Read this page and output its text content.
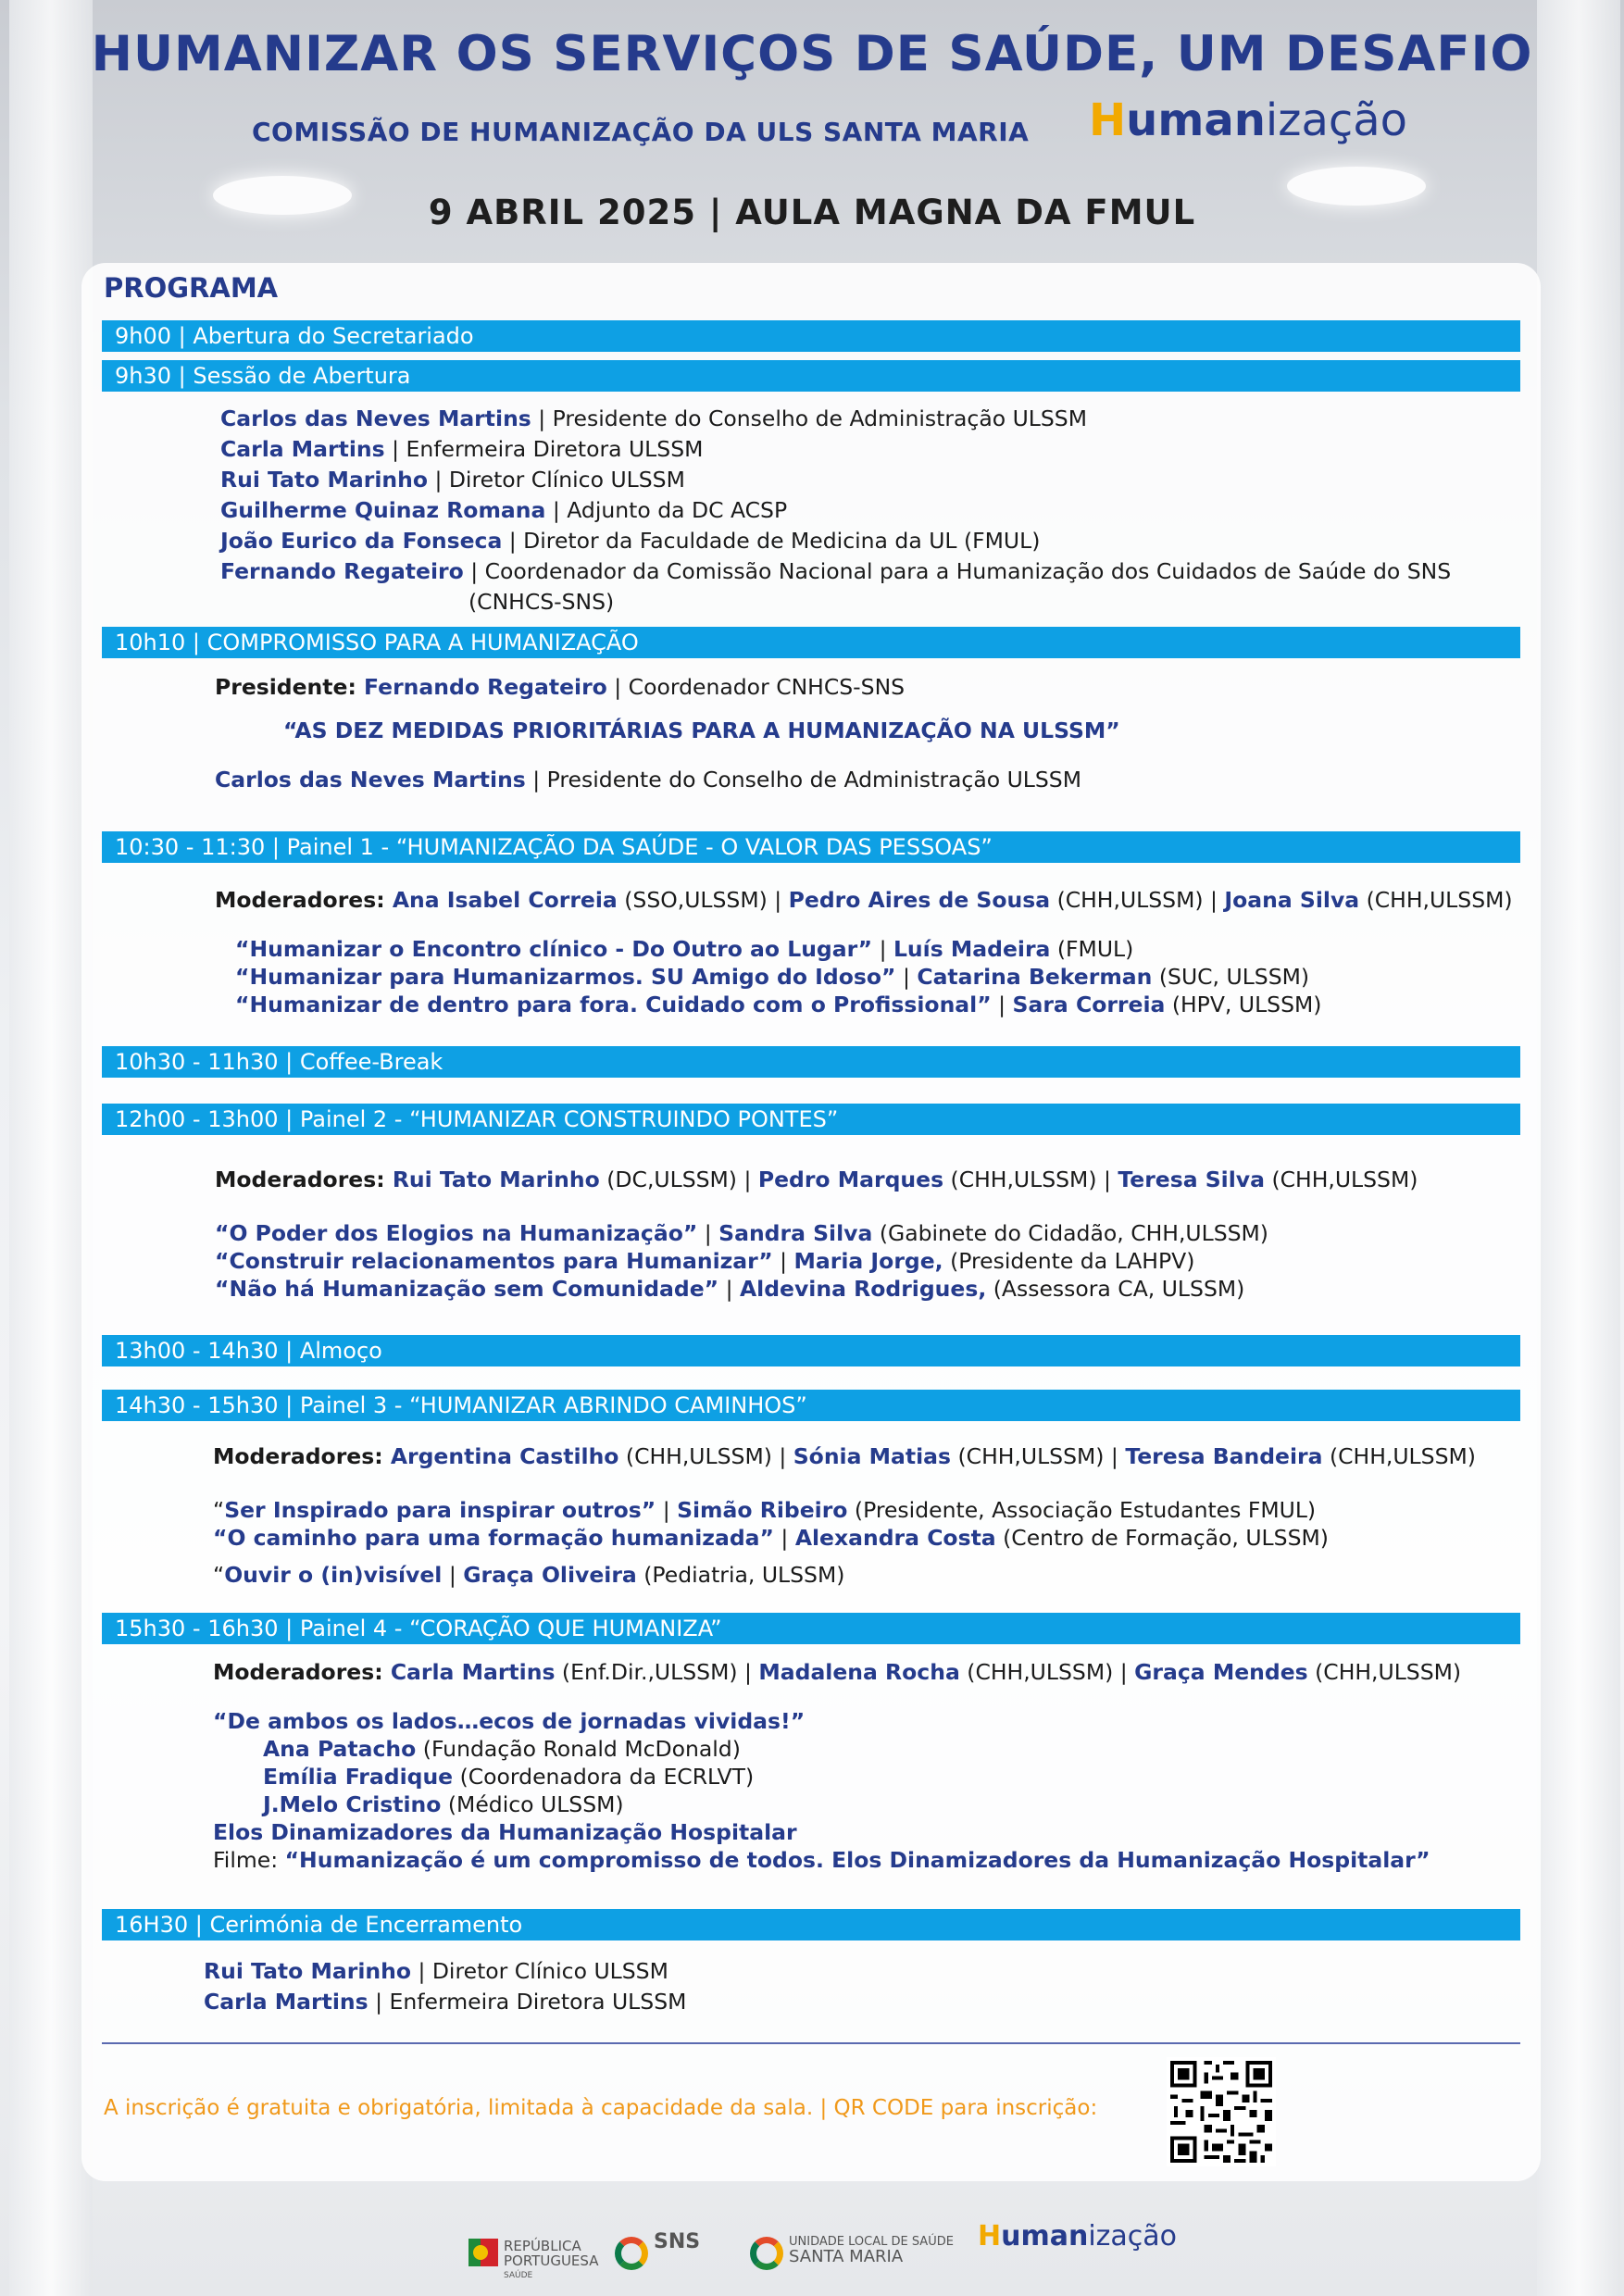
HUMANIZAR OS SERVIÇOS DE SAÚDE, UM DESAFIO
COMISSÃO DE HUMANIZAÇÃO DA ULS SANTA MARIA Humanização
9 ABRIL 2025 | AULA MAGNA DA FMUL
PROGRAMA
9h00 | Abertura do Secretariado
9h30 | Sessão de Abertura
Carlos das Neves Martins | Presidente do Conselho de Administração ULSSM
Carla Martins | Enfermeira Diretora ULSSM
Rui Tato Marinho | Diretor Clínico ULSSM
Guilherme Quinaz Romana | Adjunto da DC ACSP
João Eurico da Fonseca | Diretor da Faculdade de Medicina da UL (FMUL)
Fernando Regateiro | Coordenador da Comissão Nacional para a Humanização dos Cuidados de Saúde do SNS
(CNHCS-SNS)
10h10 | COMPROMISSO PARA A HUMANIZAÇÃO
Presidente: Fernando Regateiro | Coordenador CNHCS-SNS
“AS DEZ MEDIDAS PRIORITÁRIAS PARA A HUMANIZAÇÃO NA ULSSM”
Carlos das Neves Martins | Presidente do Conselho de Administração ULSSM
10:30 - 11:30 | Painel 1 - “HUMANIZAÇÃO DA SAÚDE - O VALOR DAS PESSOAS”
Moderadores: Ana Isabel Correia (SSO,ULSSM) | Pedro Aires de Sousa (CHH,ULSSM) | Joana Silva (CHH,ULSSM)
“Humanizar o Encontro clínico - Do Outro ao Lugar” | Luís Madeira (FMUL)
“Humanizar para Humanizarmos. SU Amigo do Idoso” | Catarina Bekerman (SUC, ULSSM)
“Humanizar de dentro para fora. Cuidado com o Profissional” | Sara Correia (HPV, ULSSM)
10h30 - 11h30 | Coffee-Break
12h00 - 13h00 | Painel 2 - “HUMANIZAR CONSTRUINDO PONTES”
Moderadores: Rui Tato Marinho (DC,ULSSM) | Pedro Marques (CHH,ULSSM) | Teresa Silva (CHH,ULSSM)
“O Poder dos Elogios na Humanização” | Sandra Silva (Gabinete do Cidadão, CHH,ULSSM)
“Construir relacionamentos para Humanizar” | Maria Jorge, (Presidente da LAHPV)
“Não há Humanização sem Comunidade” | Aldevina Rodrigues, (Assessora CA, ULSSM)
13h00 - 14h30 | Almoço
14h30 - 15h30 | Painel 3 - “HUMANIZAR ABRINDO CAMINHOS”
Moderadores: Argentina Castilho (CHH,ULSSM) | Sónia Matias (CHH,ULSSM) | Teresa Bandeira (CHH,ULSSM)
“Ser Inspirado para inspirar outros” | Simão Ribeiro (Presidente, Associação Estudantes FMUL)
“O caminho para uma formação humanizada” | Alexandra Costa (Centro de Formação, ULSSM)
“Ouvir o (in)visível | Graça Oliveira (Pediatria, ULSSM)
15h30 - 16h30 | Painel 4 - “CORAÇÃO QUE HUMANIZA”
Moderadores: Carla Martins (Enf.Dir.,ULSSM) | Madalena Rocha (CHH,ULSSM) | Graça Mendes (CHH,ULSSM)
“De ambos os lados…ecos de jornadas vividas!”
Ana Patacho (Fundação Ronald McDonald)
Emília Fradique (Coordenadora da ECRLVT)
J.Melo Cristino (Médico ULSSM)
Elos Dinamizadores da Humanização Hospitalar
Filme: “Humanização é um compromisso de todos. Elos Dinamizadores da Humanização Hospitalar”
16H30 | Cerimónia de Encerramento
Rui Tato Marinho | Diretor Clínico ULSSM
Carla Martins | Enfermeira Diretora ULSSM
A inscrição é gratuita e obrigatória, limitada à capacidade da sala. | QR CODE para inscrição:
REPÚBLICA
PORTUGUESA
SAÚDE
SNS	UNIDADE LOCAL DE SAÚDE
SANTA MARIA
Humanização
